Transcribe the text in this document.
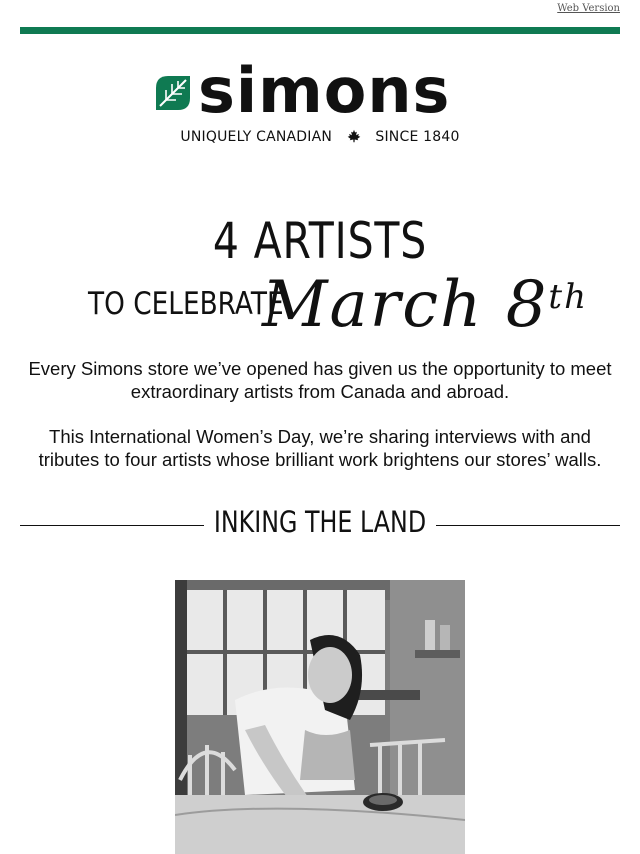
Web Version
simons
UNIQUELY CANADIAN	SINCE 1840
4 ARTISTS
TO CELEBRATE
March 8th
Every Simons store we’ve opened has given us the opportunity to meet extraordinary artists from Canada and abroad.
This International Women’s Day, we’re sharing interviews with and tributes to four artists whose brilliant work brightens our stores’ walls.
INKING THE LAND
